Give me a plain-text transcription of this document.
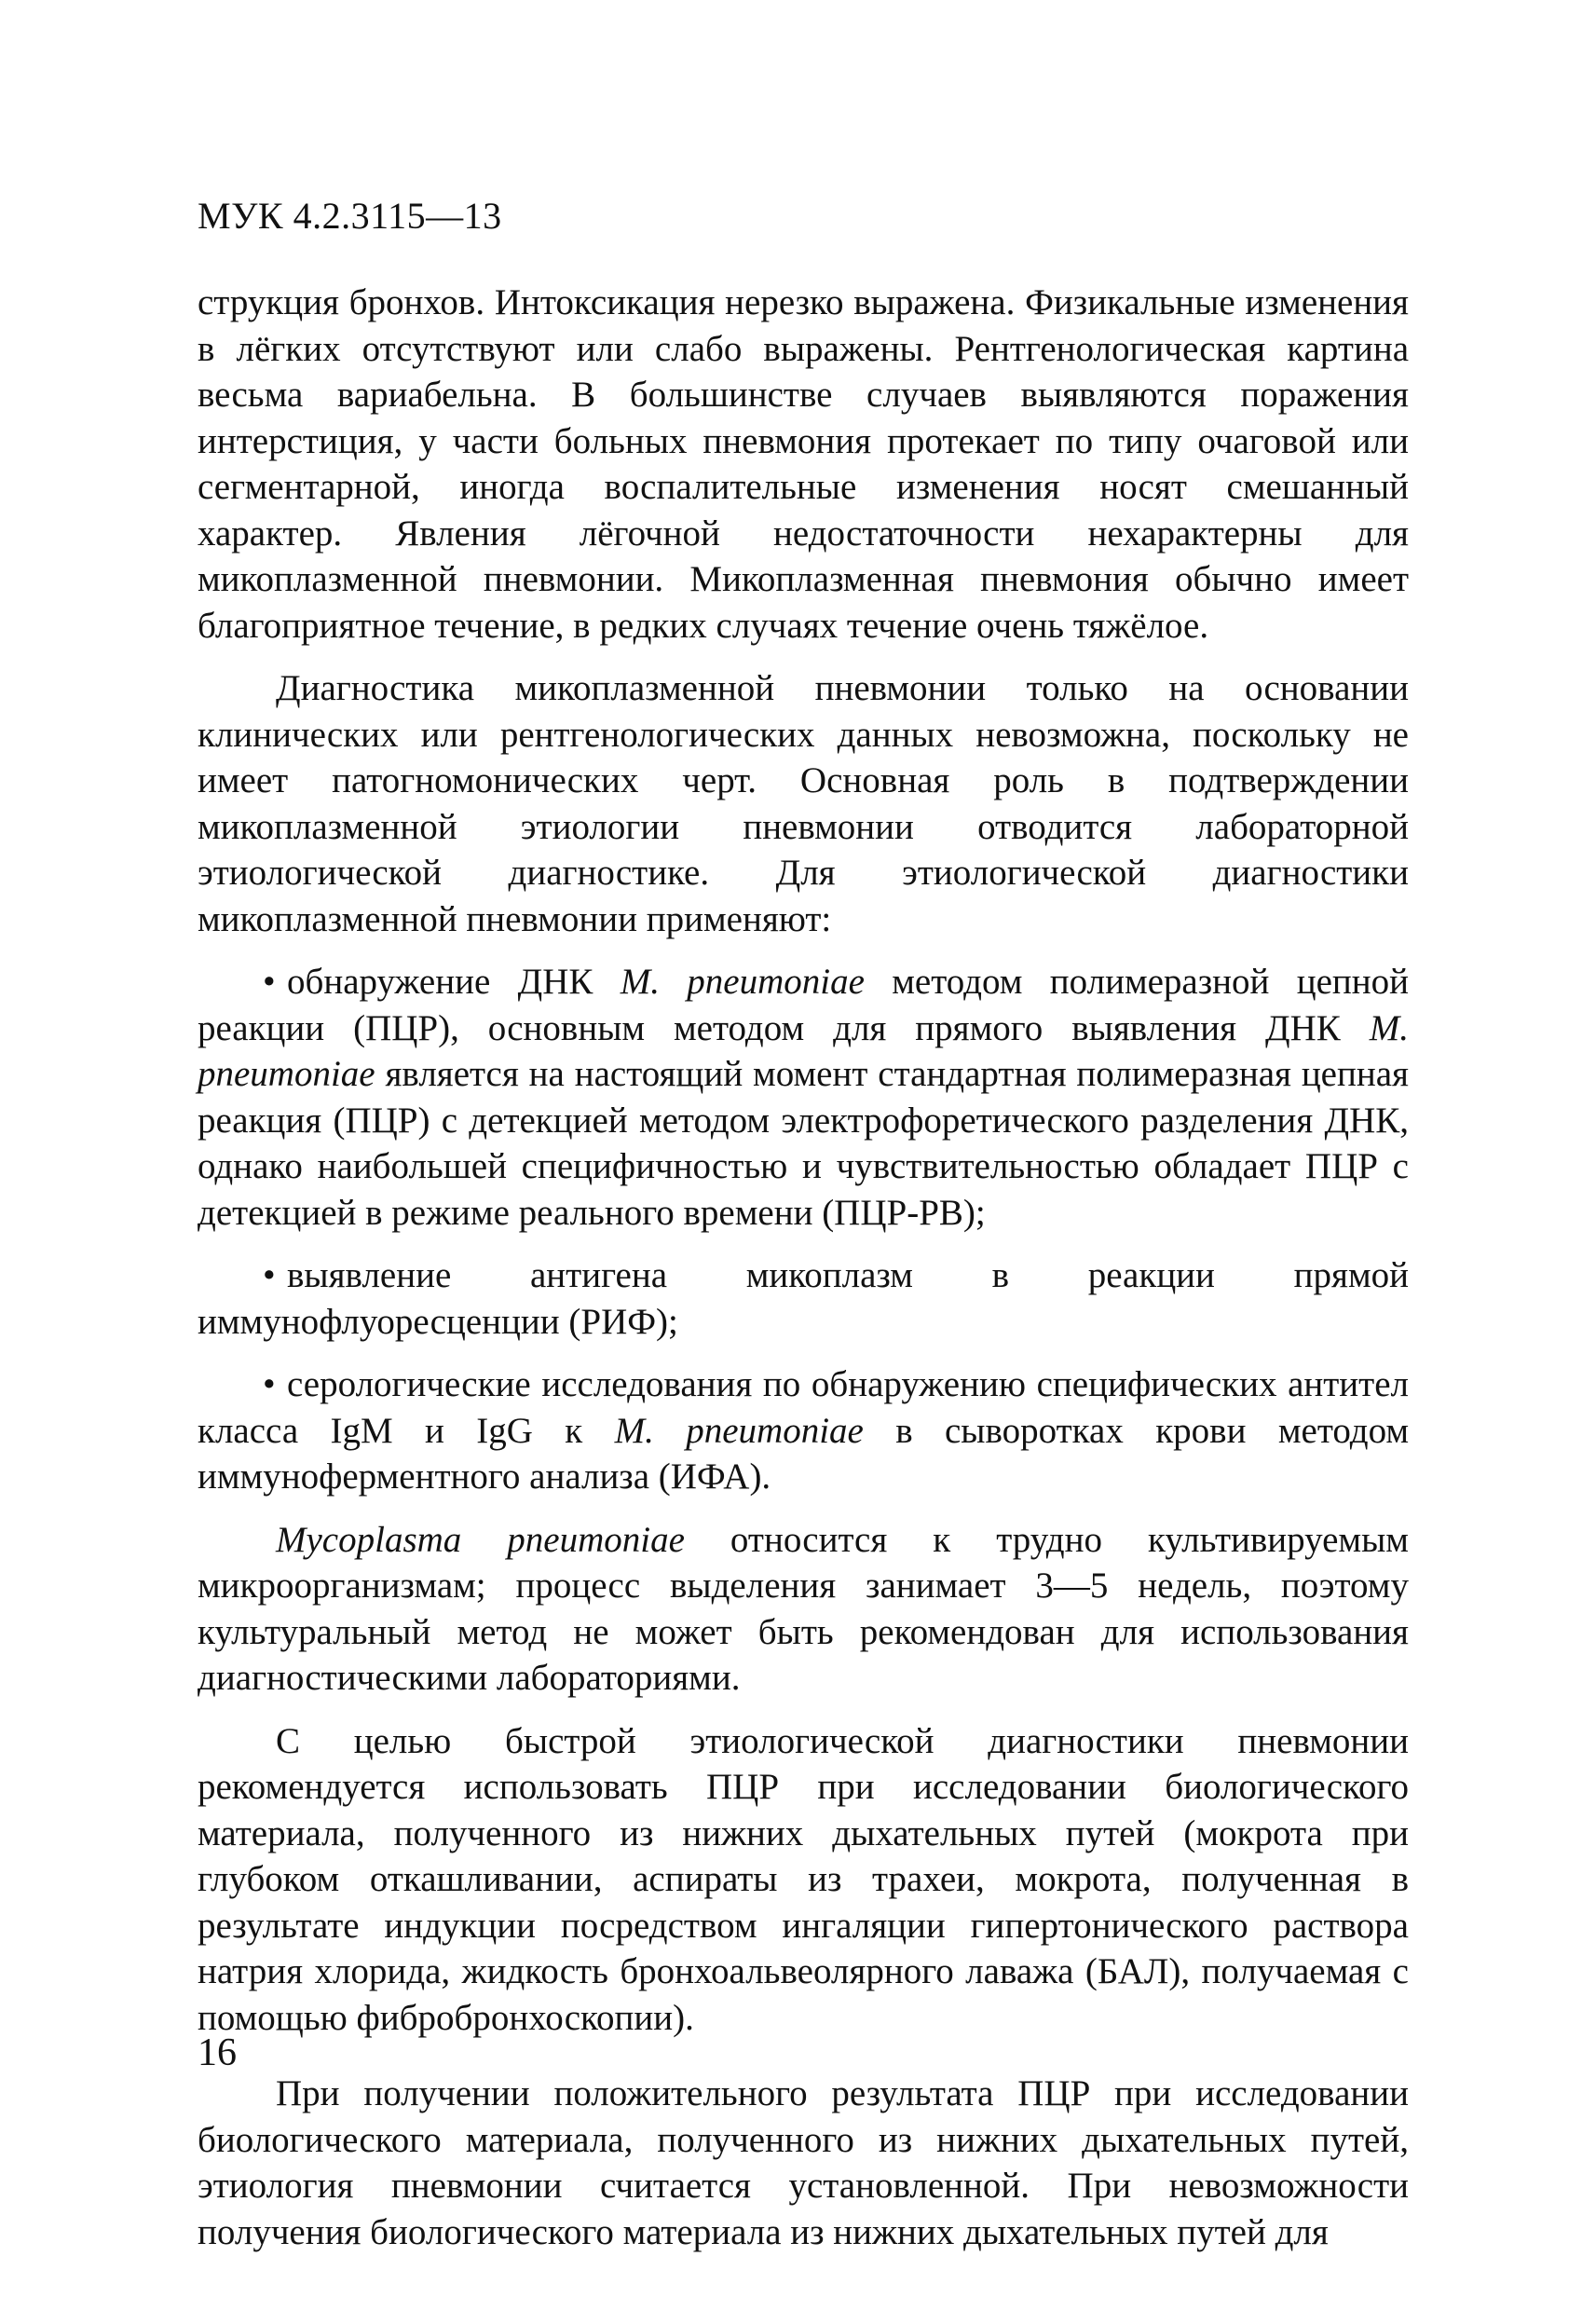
МУК 4.2.3115—13

струкция бронхов. Интоксикация нерезко выражена. Физикальные изменения в лёгких отсутствуют или слабо выражены. Рентгенологическая картина весьма вариабельна. В большинстве случаев выявляются поражения интерстиция, у части больных пневмония протекает по типу очаговой или сегментарной, иногда воспалительные изменения носят смешанный характер. Явления лёгочной недостаточности нехарактерны для микоплазменной пневмонии. Микоплазменная пневмония обычно имеет благоприятное течение, в редких случаях течение очень тяжёлое.

Диагностика микоплазменной пневмонии только на основании клинических или рентгенологических данных невозможна, поскольку не имеет патогномонических черт. Основная роль в подтверждении микоплазменной этиологии пневмонии отводится лабораторной этиологической диагностике. Для этиологической диагностики микоплазменной пневмонии применяют:

• обнаружение ДНК M. pneumoniae методом полимеразной цепной реакции (ПЦР), основным методом для прямого выявления ДНК M. pneumoniae является на настоящий момент стандартная полимеразная цепная реакция (ПЦР) с детекцией методом электрофоретического разделения ДНК, однако наибольшей специфичностью и чувствительностью обладает ПЦР с детекцией в режиме реального времени (ПЦР-РВ);

• выявление антигена микоплазм в реакции прямой иммунофлуоресценции (РИФ);

• серологические исследования по обнаружению специфических антител класса IgM и IgG к M. pneumoniae в сыворотках крови методом иммуноферментного анализа (ИФА).

Mycoplasma pneumoniae относится к трудно культивируемым микроорганизмам; процесс выделения занимает 3—5 недель, поэтому культуральный метод не может быть рекомендован для использования диагностическими лабораториями.

С целью быстрой этиологической диагностики пневмонии рекомендуется использовать ПЦР при исследовании биологического материала, полученного из нижних дыхательных путей (мокрота при глубоком откашливании, аспираты из трахеи, мокрота, полученная в результате индукции посредством ингаляции гипертонического раствора натрия хлорида, жидкость бронхоальвеолярного лаважа (БАЛ), получаемая с помощью фибробронхоскопии).

При получении положительного результата ПЦР при исследовании биологического материала, полученного из нижних дыхательных путей, этиология пневмонии считается установленной. При невозможности получения биологического материала из нижних дыхательных путей для

16
